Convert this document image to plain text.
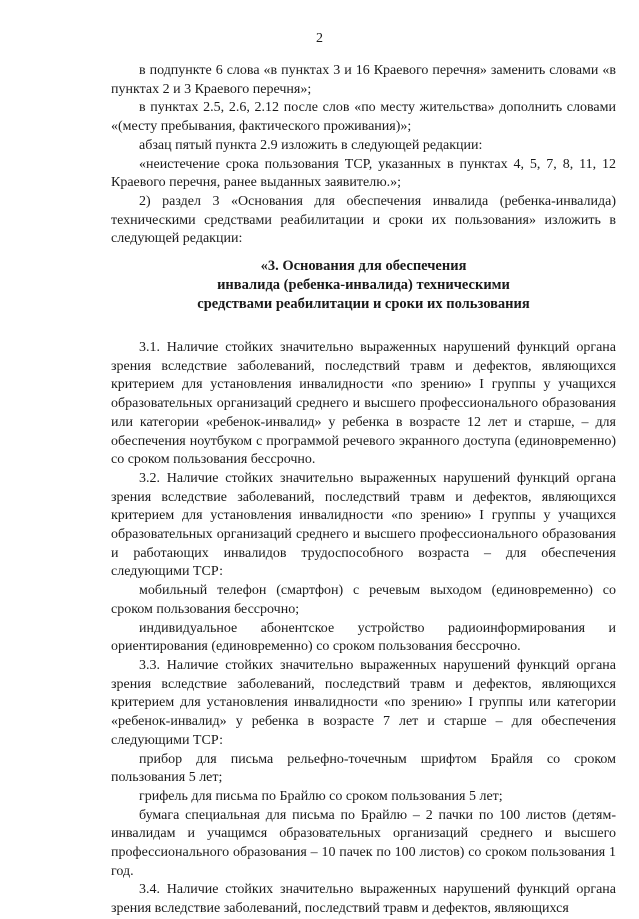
2

в подпункте 6 слова «в пунктах 3 и 16 Краевого перечня» заменить словами «в пунктах 2 и 3 Краевого перечня»;

в пунктах 2.5, 2.6, 2.12 после слов «по месту жительства» дополнить словами «(месту пребывания, фактического проживания)»;

абзац пятый пункта 2.9 изложить в следующей редакции:

«неистечение срока пользования ТСР, указанных в пунктах 4, 5, 7, 8, 11, 12 Краевого перечня, ранее выданных заявителю.»;

2) раздел 3 «Основания для обеспечения инвалида (ребенка-инвалида) техническими средствами реабилитации и сроки их пользования» изложить в следующей редакции:

«3. Основания для обеспечения
инвалида (ребенка-инвалида) техническими
средствами реабилитации и сроки их пользования

3.1. Наличие стойких значительно выраженных нарушений функций органа зрения вследствие заболеваний, последствий травм и дефектов, являющихся критерием для установления инвалидности «по зрению» I группы у учащихся образовательных организаций среднего и высшего профессионального образования или категории «ребенок-инвалид» у ребенка в возрасте 12 лет и старше, – для обеспечения ноутбуком с программой речевого экранного доступа (единовременно) со сроком пользования бессрочно.

3.2. Наличие стойких значительно выраженных нарушений функций органа зрения вследствие заболеваний, последствий травм и дефектов, являющихся критерием для установления инвалидности «по зрению» I группы у учащихся образовательных организаций среднего и высшего профессионального образования и работающих инвалидов трудоспособного возраста – для обеспечения следующими ТСР:

мобильный телефон (смартфон) с речевым выходом (единовременно) со сроком пользования бессрочно;

индивидуальное абонентское устройство радиоинформирования и ориентирования (единовременно) со сроком пользования бессрочно.

3.3. Наличие стойких значительно выраженных нарушений функций органа зрения вследствие заболеваний, последствий травм и дефектов, являющихся критерием для установления инвалидности «по зрению» I группы или категории «ребенок-инвалид» у ребенка в возрасте 7 лет и старше – для обеспечения следующими ТСР:

прибор для письма рельефно-точечным шрифтом Брайля со сроком пользования 5 лет;

грифель для письма по Брайлю со сроком пользования 5 лет;

бумага специальная для письма по Брайлю – 2 пачки по 100 листов (детям-инвалидам и учащимся образовательных организаций среднего и высшего профессионального образования – 10 пачек по 100 листов) со сроком пользования 1 год.

3.4. Наличие стойких значительно выраженных нарушений функций органа зрения вследствие заболеваний, последствий травм и дефектов, являющихся
